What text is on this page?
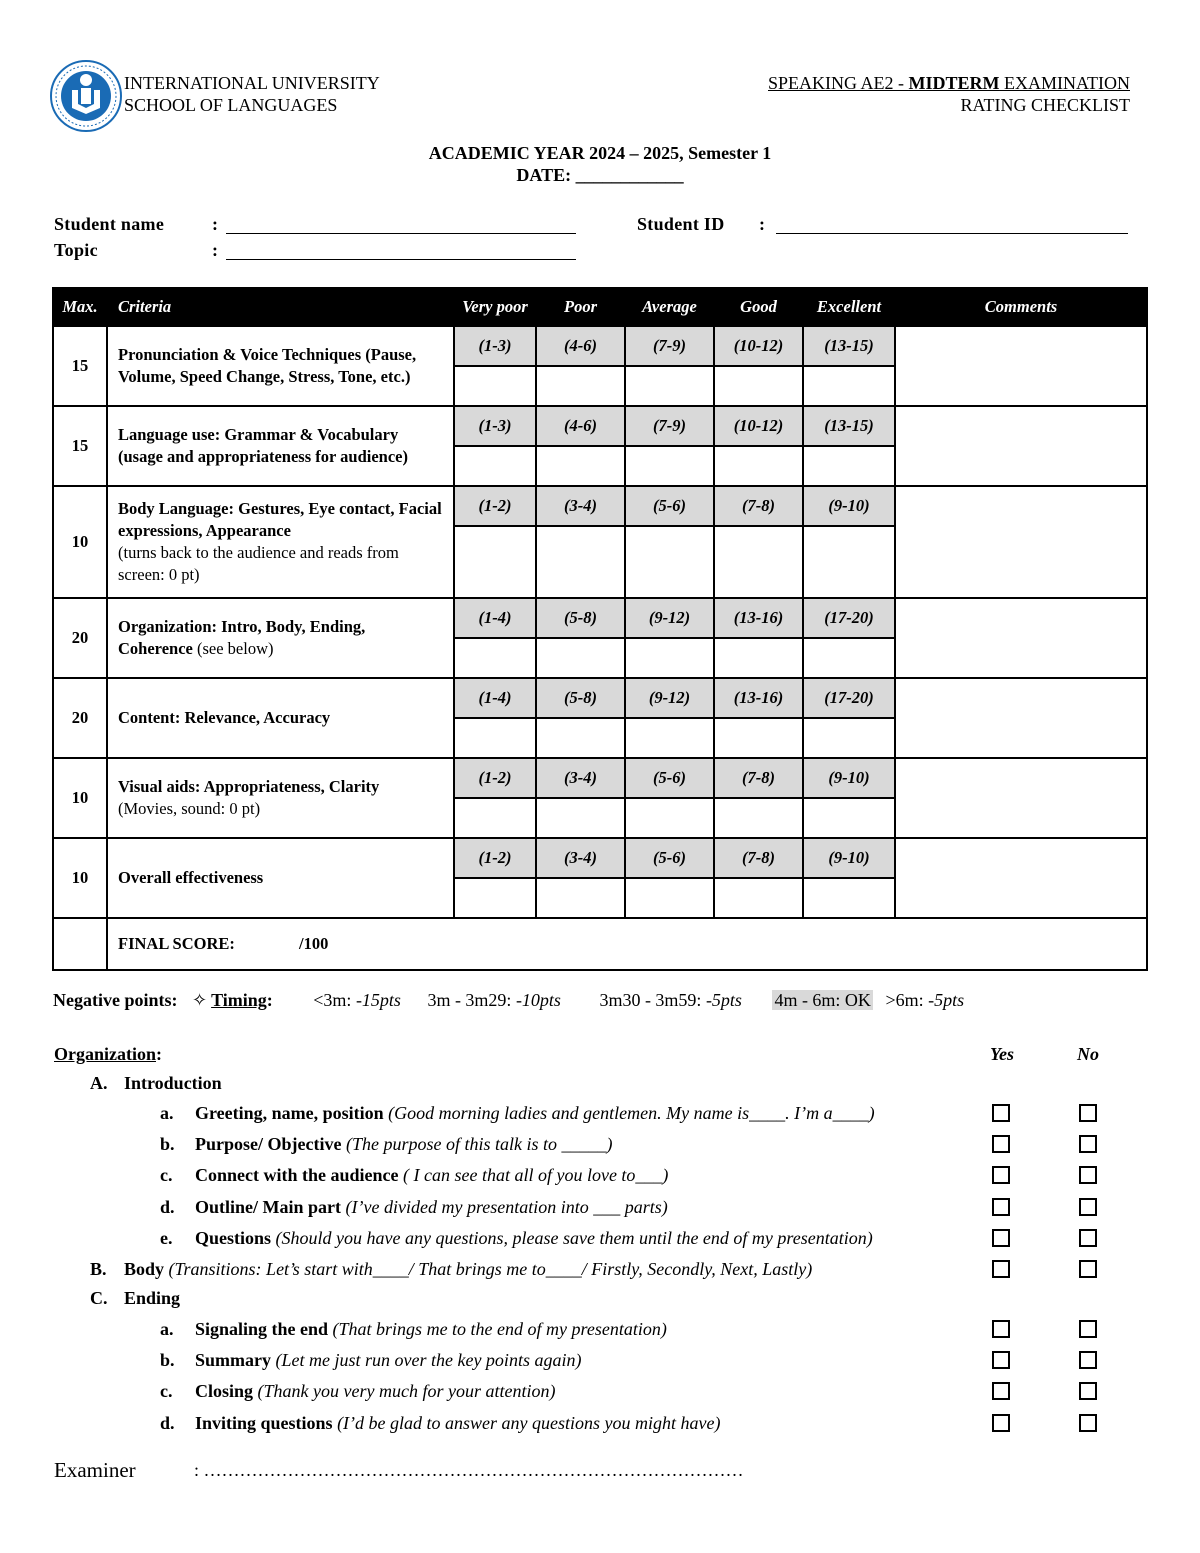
INTERNATIONAL UNIVERSITY
SCHOOL OF LANGUAGES
SPEAKING AE2 - MIDTERM EXAMINATION
RATING CHECKLIST
ACADEMIC YEAR 2024 – 2025, Semester 1
DATE: ____________
Student name	:
Topic	:
Student ID :
Max.	Criteria	Very poor	Poor	Average	Good	Excellent	Comments
15	Pronunciation & Voice Techniques (Pause, Volume, Speed Change, Stress, Tone, etc.)	(1-3)	(4-6)	(7-9)	(10-12)	(13-15)	

15	Language use: Grammar & Vocabulary (usage and appropriateness for audience)	(1-3)	(4-6)	(7-9)	(10-12)	(13-15)	

10	Body Language: Gestures, Eye contact, Facial expressions, Appearance
(turns back to the audience and reads from screen: 0 pt)	(1-2)	(3-4)	(5-6)	(7-8)	(9-10)	

20	Organization: Intro, Body, Ending, Coherence (see below)	(1-4)	(5-8)	(9-12)	(13-16)	(17-20)	

20	Content: Relevance, Accuracy	(1-4)	(5-8)	(9-12)	(13-16)	(17-20)	

10	Visual aids: Appropriateness, Clarity
(Movies, sound: 0 pt)	(1-2)	(3-4)	(5-6)	(7-8)	(9-10)	

10	Overall effectiveness	(1-2)	(3-4)	(5-6)	(7-8)	(9-10)	

	FINAL SCORE: /100						
Negative points: ✧ Timing: <3m: -15pts 3m - 3m29: -10pts 3m30 - 3m59: -5pts 4m - 6m: OK >6m: -5pts
Organization:	Yes	No
A. Introduction
a. Greeting, name, position (Good morning ladies and gentlemen. My name is____. I’m a____)
b. Purpose/ Objective (The purpose of this talk is to _____)
c. Connect with the audience ( I can see that all of you love to___)
d. Outline/ Main part (I’ve divided my presentation into ___ parts)
e. Questions (Should you have any questions, please save them until the end of my presentation)
B. Body (Transitions: Let’s start with____/ That brings me to____/ Firstly, Secondly, Next, Lastly)
C. Ending
a. Signaling the end (That brings me to the end of my presentation)
b. Summary (Let me just run over the key points again)
c. Closing (Thank you very much for your attention)
d. Inviting questions (I’d be glad to answer any questions you might have)
Examiner	: ………………………………………………………………………………
